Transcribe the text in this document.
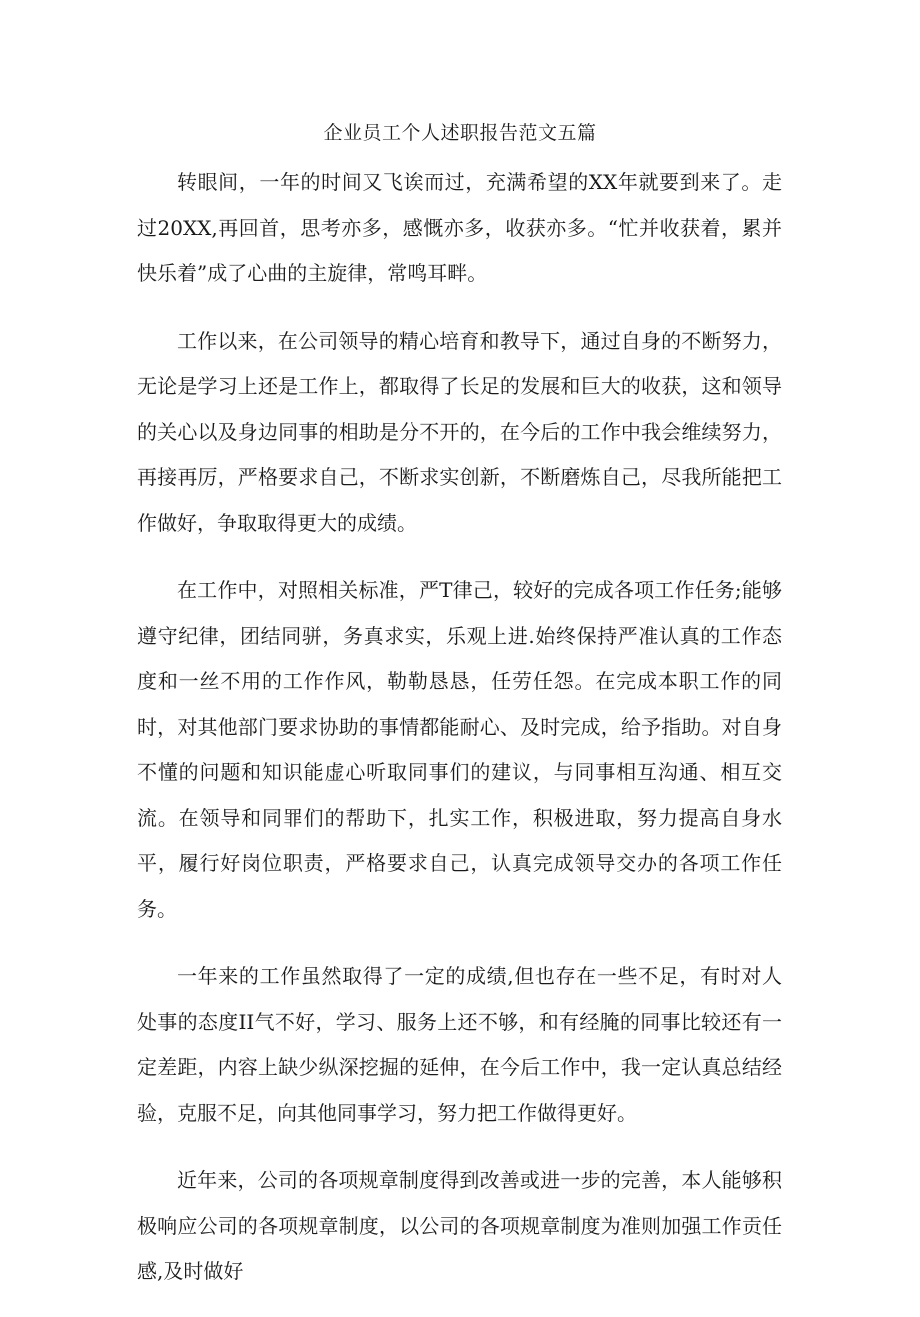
企业员工个人述职报告范文五篇

转眼间，一年的时间又飞诶而过，充满希望的XX年就要到来了。走过20XX,再回首，思考亦多，感慨亦多，收获亦多。“忙并收获着，累并快乐着”成了心曲的主旋律，常鸣耳畔。

工作以来，在公司领导的精心培育和教导下，通过自身的不断努力，无论是学习上还是工作上，都取得了长足的发展和巨大的收获，这和领导的关心以及身边同事的相助是分不开的，在今后的工作中我会维续努力，再接再厉，严格要求自己，不断求实创新，不断磨炼自己，尽我所能把工作做好，争取取得更大的成绩。

在工作中，对照相关标准，严T律己，较好的完成各项工作任务;能够遵守纪律，团结同骈，务真求实，乐观上进.始终保持严准认真的工作态度和一丝不用的工作作风，勒勒恳恳，任劳任怨。在完成本职工作的同时，对其他部门要求协助的事情都能耐心、及时完成，给予指助。对自身不懂的问题和知识能虚心听取同事们的建议，与同事相互沟通、相互交流。在领导和同罪们的帮助下，扎实工作，积极进取，努力提高自身水平，履行好岗位职责，严格要求自己，认真完成领导交办的各项工作任务。

一年来的工作虽然取得了一定的成绩,但也存在一些不足，有时对人处事的态度II气不好，学习、服务上还不够，和有经腌的同事比较还有一定差距，内容上缺少纵深挖掘的延伸，在今后工作中，我一定认真总结经验，克服不足，向其他同事学习，努力把工作做得更好。

近年来，公司的各项规章制度得到改善或进一步的完善，本人能够积极响应公司的各项规章制度，以公司的各项规章制度为准则加强工作贡任感,及时做好
